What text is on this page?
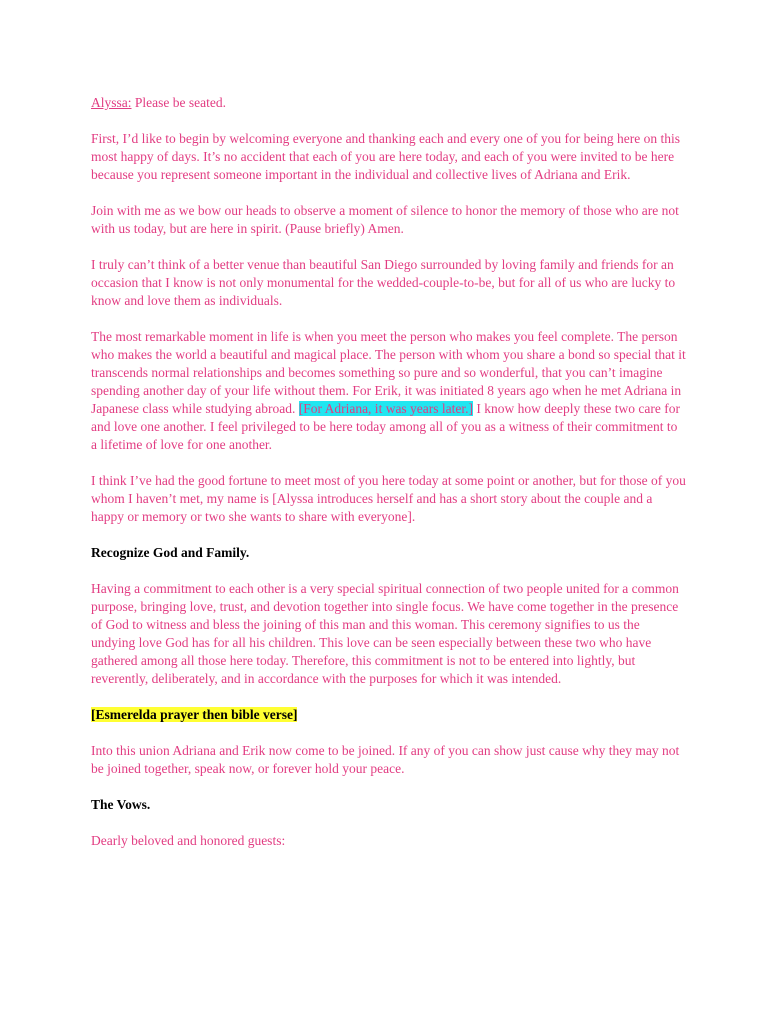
Alyssa: Please be seated.

First, I’d like to begin by welcoming everyone and thanking each and every one of you for being here on this most happy of days. It’s no accident that each of you are here today, and each of you were invited to be here because you represent someone important in the individual and collective lives of Adriana and Erik.

Join with me as we bow our heads to observe a moment of silence to honor the memory of those who are not with us today, but are here in spirit. (Pause briefly) Amen.

I truly can’t think of a better venue than beautiful San Diego surrounded by loving family and friends for an occasion that I know is not only monumental for the wedded-couple-to-be, but for all of us who are lucky to know and love them as individuals.

The most remarkable moment in life is when you meet the person who makes you feel complete. The person who makes the world a beautiful and magical place. The person with whom you share a bond so special that it transcends normal relationships and becomes something so pure and so wonderful, that you can’t imagine spending another day of your life without them. For Erik, it was initiated 8 years ago when he met Adriana in Japanese class while studying abroad. [For Adriana, it was years later.] I know how deeply these two care for and love one another. I feel privileged to be here today among all of you as a witness of their commitment to a lifetime of love for one another.

I think I’ve had the good fortune to meet most of you here today at some point or another, but for those of you whom I haven’t met, my name is [Alyssa introduces herself and has a short story about the couple and a happy or memory or two she wants to share with everyone].

Recognize God and Family.

Having a commitment to each other is a very special spiritual connection of two people united for a common purpose, bringing love, trust, and devotion together into single focus. We have come together in the presence of God to witness and bless the joining of this man and this woman. This ceremony signifies to us the undying love God has for all his children. This love can be seen especially between these two who have gathered among all those here today. Therefore, this commitment is not to be entered into lightly, but reverently, deliberately, and in accordance with the purposes for which it was intended.

[Esmerelda prayer then bible verse]

Into this union Adriana and Erik now come to be joined. If any of you can show just cause why they may not be joined together, speak now, or forever hold your peace.

The Vows.

Dearly beloved and honored guests:
